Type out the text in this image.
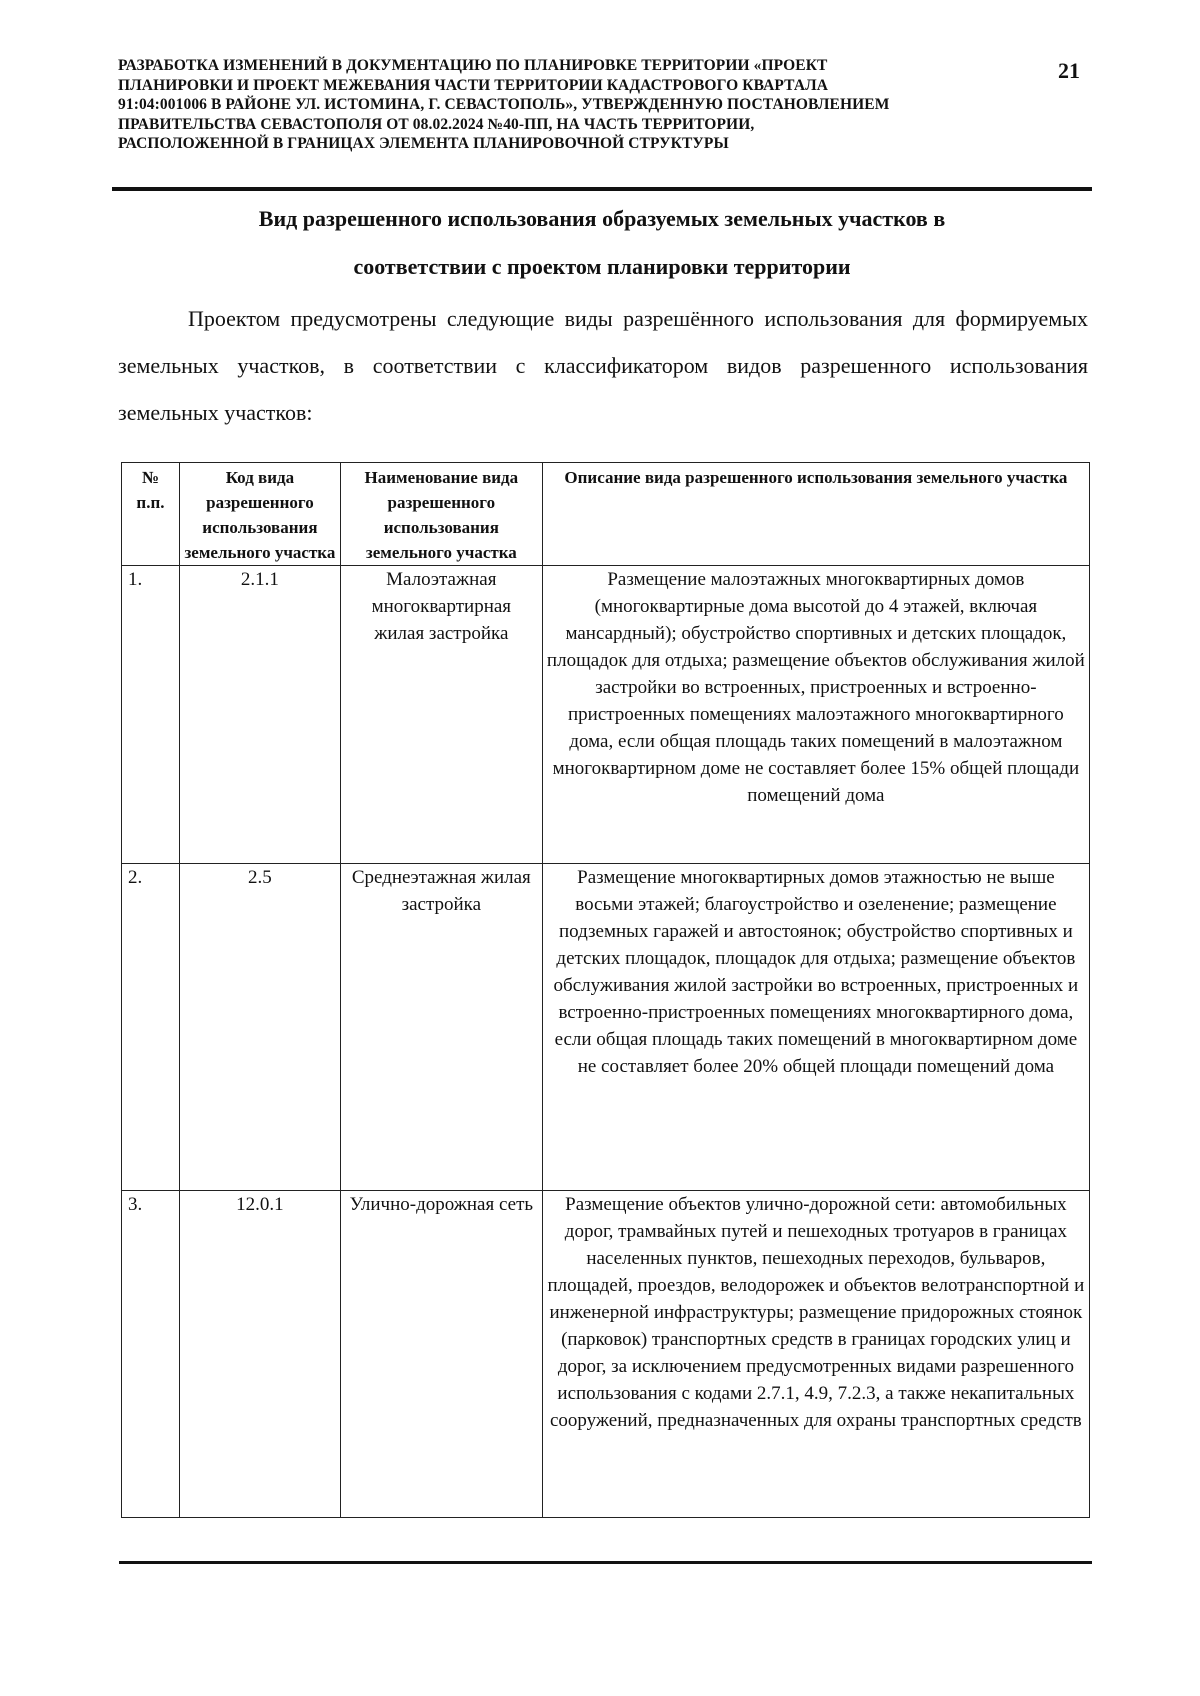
РАЗРАБОТКА ИЗМЕНЕНИЙ В ДОКУМЕНТАЦИЮ ПО ПЛАНИРОВКЕ ТЕРРИТОРИИ «ПРОЕКТ
ПЛАНИРОВКИ И ПРОЕКТ МЕЖЕВАНИЯ ЧАСТИ ТЕРРИТОРИИ КАДАСТРОВОГО КВАРТАЛА
91:04:001006 В РАЙОНЕ УЛ. ИСТОМИНА, Г. СЕВАСТОПОЛЬ», УТВЕРЖДЕННУЮ ПОСТАНОВЛЕНИЕМ
ПРАВИТЕЛЬСТВА СЕВАСТОПОЛЯ ОТ 08.02.2024 №40-ПП, НА ЧАСТЬ ТЕРРИТОРИИ,
РАСПОЛОЖЕННОЙ В ГРАНИЦАХ ЭЛЕМЕНТА ПЛАНИРОВОЧНОЙ СТРУКТУРЫ
21
Вид разрешенного использования образуемых земельных участков в
соответствии с проектом планировки территории
Проектом предусмотрены следующие виды разрешённого использования для формируемых земельных участков, в соответствии с классификатором видов разрешенного использования земельных участков:
№ п.п.	Код вида разрешенного использования земельного участка	Наименование вида разрешенного использования земельного участка	Описание вида разрешенного использования земельного участка
1.	2.1.1	Малоэтажная многоквартирная жилая застройка	Размещение малоэтажных многоквартирных домов (многоквартирные дома высотой до 4 этажей, включая мансардный); обустройство спортивных и детских площадок, площадок для отдыха; размещение объектов обслуживания жилой застройки во встроенных, пристроенных и встроенно-пристроенных помещениях малоэтажного многоквартирного дома, если общая площадь таких помещений в малоэтажном многоквартирном доме не составляет более 15% общей площади помещений дома
2.	2.5	Среднеэтажная жилая застройка	Размещение многоквартирных домов этажностью не выше восьми этажей; благоустройство и озеленение; размещение подземных гаражей и автостоянок; обустройство спортивных и детских площадок, площадок для отдыха; размещение объектов обслуживания жилой застройки во встроенных, пристроенных и встроенно-пристроенных помещениях многоквартирного дома, если общая площадь таких помещений в многоквартирном доме не составляет более 20% общей площади помещений дома
3.	12.0.1	Улично-дорожная сеть	Размещение объектов улично-дорожной сети: автомобильных дорог, трамвайных путей и пешеходных тротуаров в границах населенных пунктов, пешеходных переходов, бульваров, площадей, проездов, велодорожек и объектов велотранспортной и инженерной инфраструктуры; размещение придорожных стоянок (парковок) транспортных средств в границах городских улиц и дорог, за исключением предусмотренных видами разрешенного использования с кодами 2.7.1, 4.9, 7.2.3, а также некапитальных сооружений, предназначенных для охраны транспортных средств
